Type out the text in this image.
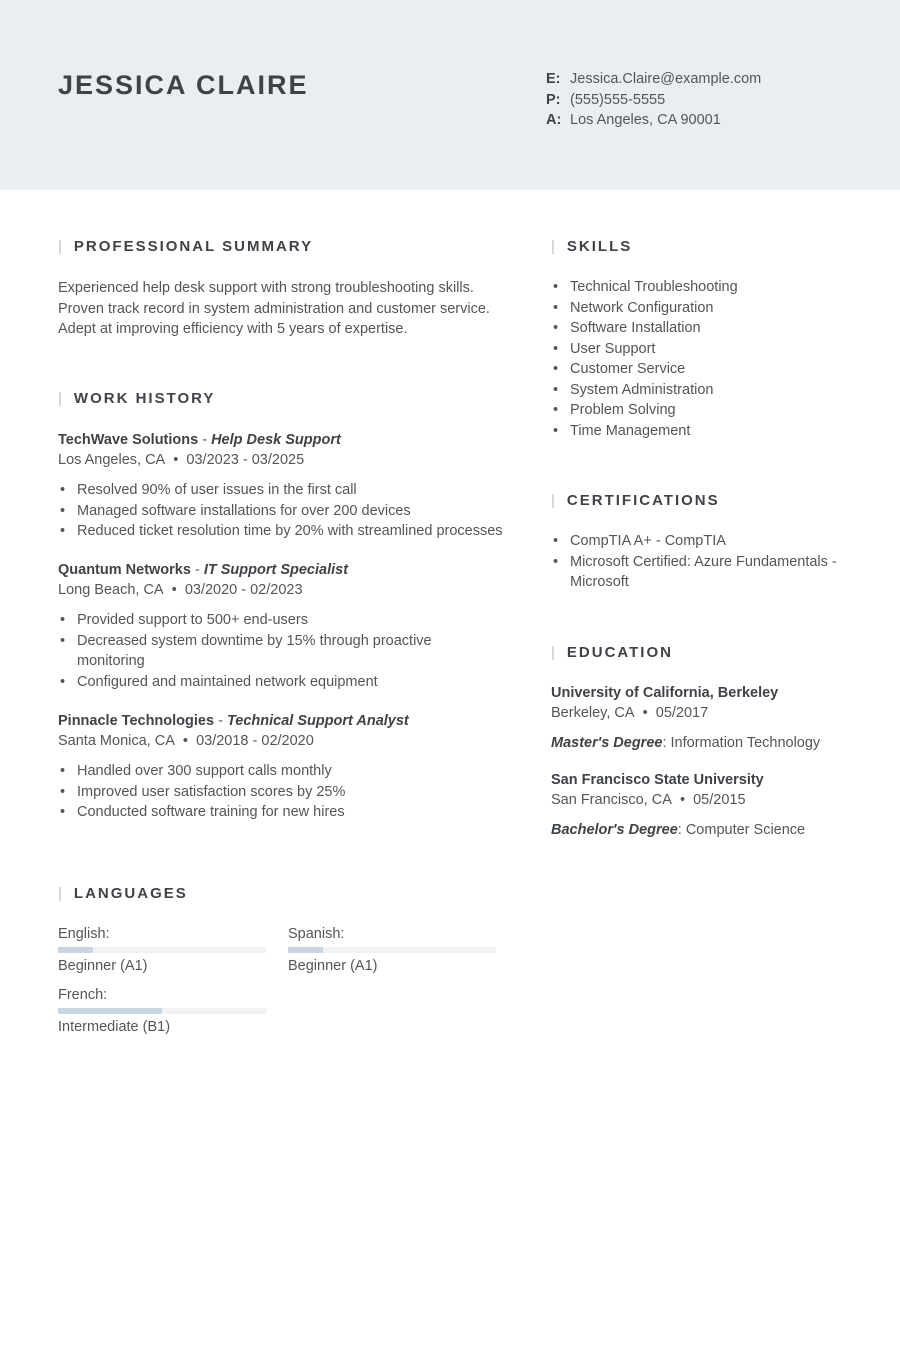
JESSICA CLAIRE	E: Jessica.Claire@example.com
P: (555)555-5555
A: Los Angeles, CA 90001
| PROFESSIONAL SUMMARY
Experienced help desk support with strong troubleshooting skills.
Proven track record in system administration and customer service.
Adept at improving efficiency with 5 years of expertise.
| WORK HISTORY
TechWave Solutions - Help Desk Support
Los Angeles, CA  •  03/2023 - 03/2025
• Resolved 90% of user issues in the first call
• Managed software installations for over 200 devices
• Reduced ticket resolution time by 20% with streamlined processes
Quantum Networks - IT Support Specialist
Long Beach, CA  •  03/2020 - 02/2023
• Provided support to 500+ end-users
• Decreased system downtime by 15% through proactive monitoring
• Configured and maintained network equipment
Pinnacle Technologies - Technical Support Analyst
Santa Monica, CA  •  03/2018 - 02/2020
• Handled over 300 support calls monthly
• Improved user satisfaction scores by 25%
• Conducted software training for new hires
| LANGUAGES
English:
Beginner (A1)
Spanish:
Beginner (A1)
French:
Intermediate (B1)
| SKILLS
• Technical Troubleshooting
• Network Configuration
• Software Installation
• User Support
• Customer Service
• System Administration
• Problem Solving
• Time Management
| CERTIFICATIONS
• CompTIA A+ - CompTIA
• Microsoft Certified: Azure Fundamentals - Microsoft
| EDUCATION
University of California, Berkeley
Berkeley, CA  •  05/2017
Master's Degree: Information Technology
San Francisco State University
San Francisco, CA  •  05/2015
Bachelor's Degree: Computer Science
